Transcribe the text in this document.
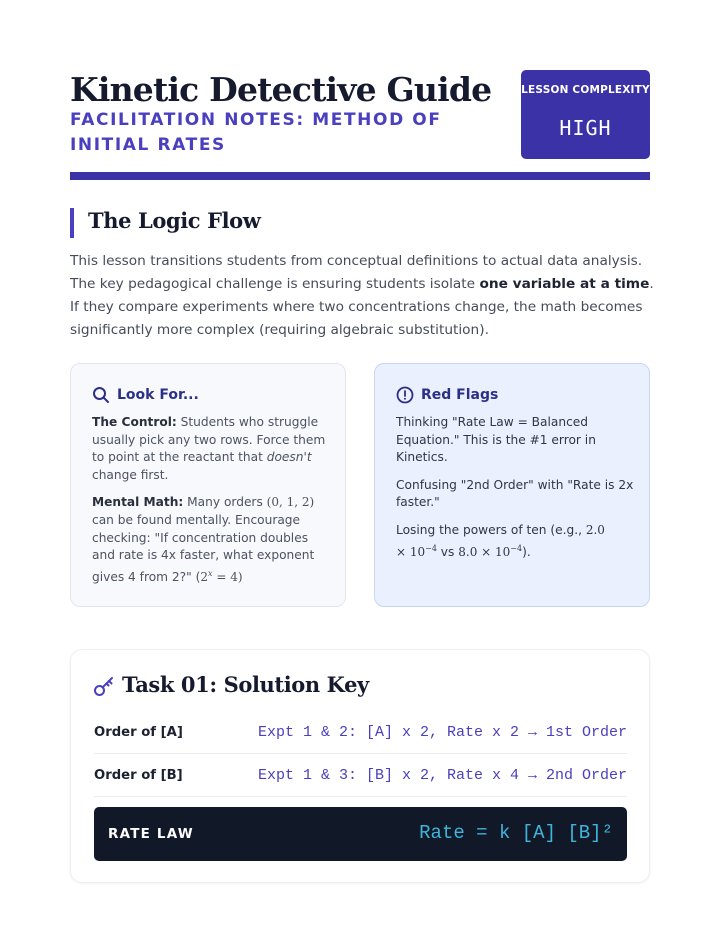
Kinetic Detective Guide
FACILITATION NOTES: METHOD OF INITIAL RATES
LESSON COMPLEXITY
HIGH
The Logic Flow

This lesson transitions students from conceptual definitions to actual data analysis. The key pedagogical challenge is ensuring students isolate one variable at a time. If they compare experiments where two concentrations change, the math becomes significantly more complex (requiring algebraic substitution).

Look For...

The Control: Students who struggle usually pick any two rows. Force them to point at the reactant that doesn't change first.

Mental Math: Many orders (0, 1, 2) can be found mentally. Encourage checking: "If concentration doubles and rate is 4x faster, what exponent gives 4 from 2?" $(2^x = 4)$

Red Flags

Thinking "Rate Law = Balanced Equation." This is the #1 error in Kinetics.

Confusing "2nd Order" with "Rate is 2x faster."

Losing the powers of ten (e.g., 2.0
× $10^{-4}$ vs $8.0 \times 10^{-4}$).

Task 01: Solution Key
Order of [A]	Expt 1 & 2: [A] x 2, Rate x 2 → 1st Order
Order of [B]	Expt 1 & 3: [B] x 2, Rate x 4 → 2nd Order
RATE LAW	Rate = k [A] [B]²
